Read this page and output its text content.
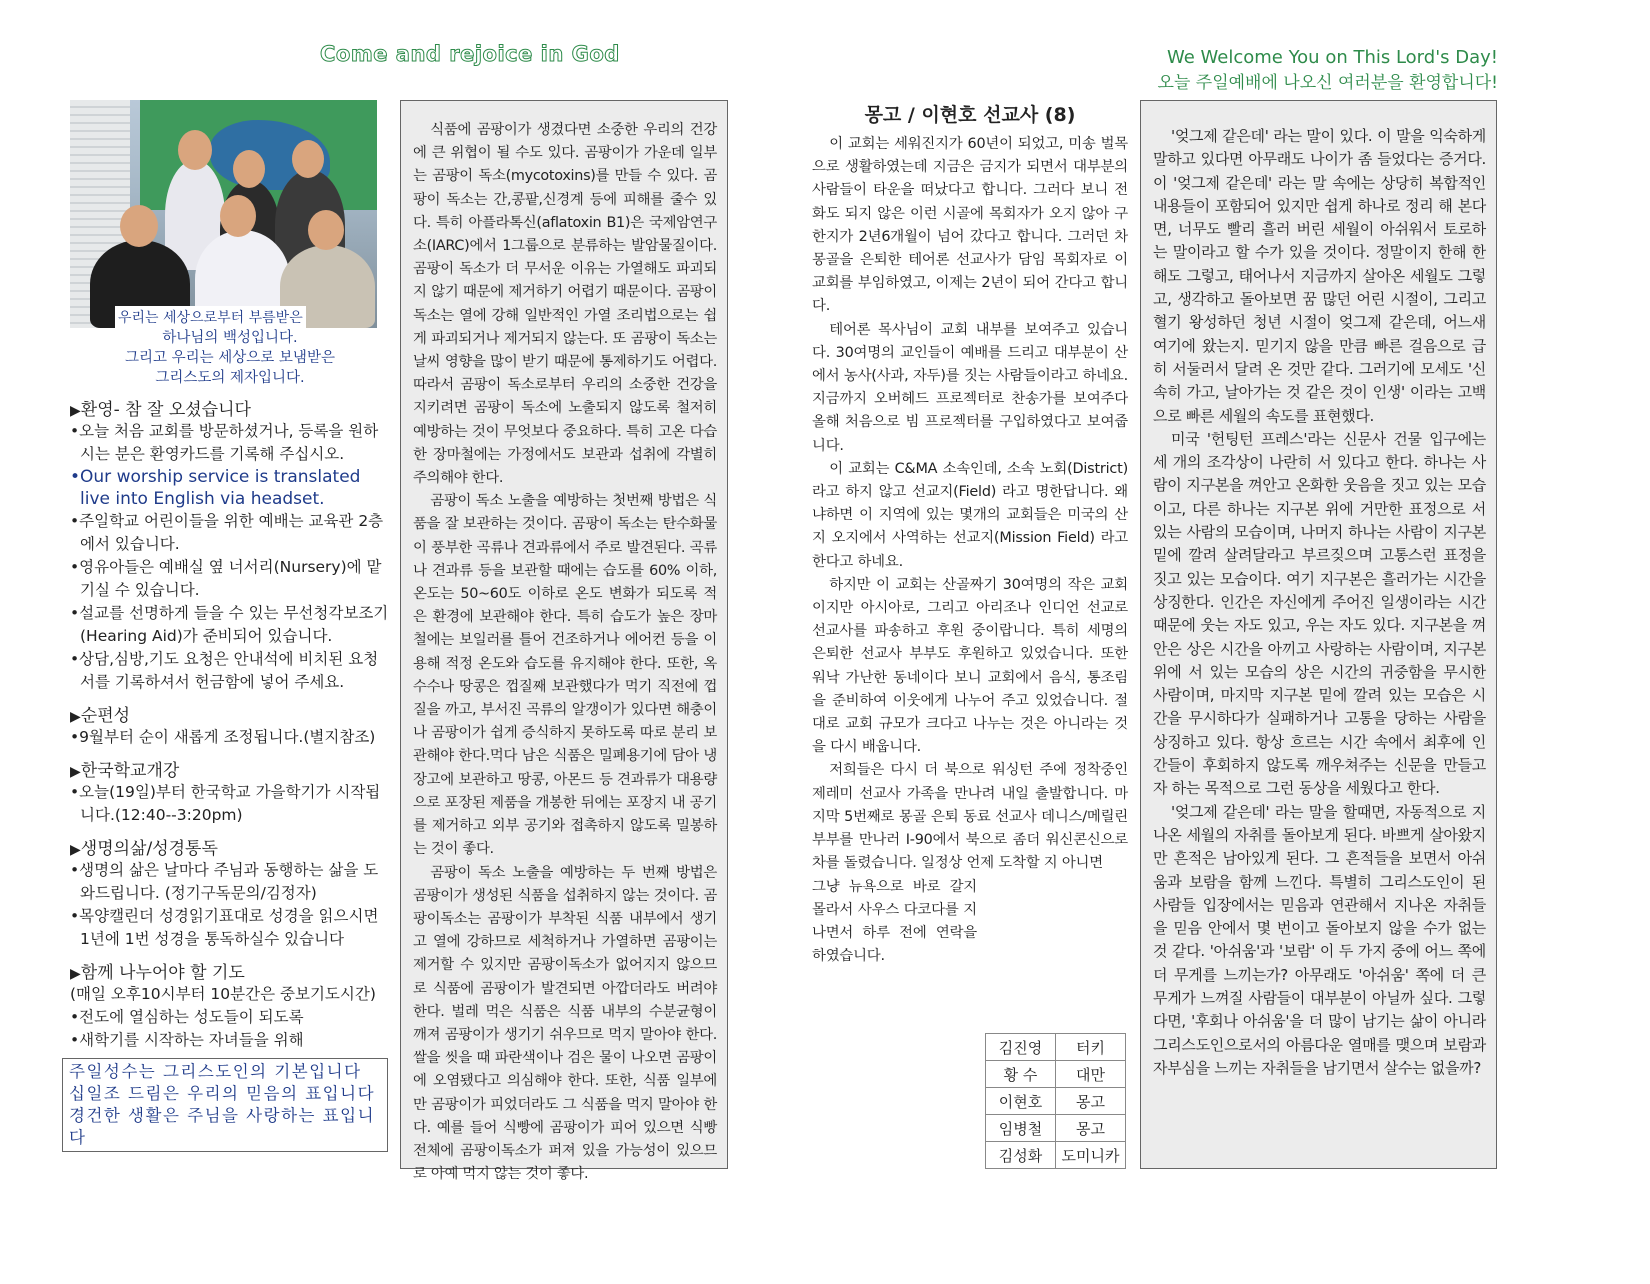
Come and rejoice in God	We Welcome You on This Lord's Day!
오늘 주일예배에 나오신 여러분을 환영합니다!
우리는 세상으로부터 부름받은
하나님의 백성입니다.
그리고 우리는 세상으로 보냄받은
그리스도의 제자입니다.
▶환영- 참 잘 오셨습니다
•오늘 처음 교회를 방문하셨거나, 등록을 원하시는 분은 환영카드를 기록해 주십시오.
•Our worship service is translated live into English via headset.
•주일학교 어린이들을 위한 예배는 교육관 2층에서 있습니다.
•영유아들은 예배실 옆 너서리(Nursery)에 맡기실 수 있습니다.
•설교를 선명하게 들을 수 있는 무선청각보조기(Hearing Aid)가 준비되어 있습니다.
•상담,심방,기도 요청은 안내석에 비치된 요청서를 기록하셔서 헌금함에 넣어 주세요.
▶순편성
•9월부터 순이 새롭게 조정됩니다.(별지참조)
▶한국학교개강
•오늘(19일)부터 한국학교 가을학기가 시작됩니다.(12:40--3:20pm)
▶생명의삶/성경통독
•생명의 삶은 날마다 주님과 동행하는 삶을 도와드립니다. (정기구독문의/김정자)
•목양캘린더 성경읽기표대로 성경을 읽으시면 1년에 1번 성경을 통독하실수 있습니다
▶함께 나누어야 할 기도
(매일 오후10시부터 10분간은 중보기도시간)
•전도에 열심하는 성도들이 되도록
•새학기를 시작하는 자녀들을 위해
주일성수는 그리스도인의 기본입니다
십일조 드림은 우리의 믿음의 표입니다
경건한 생활은 주님을 사랑하는 표입니다

식품에 곰팡이가 생겼다면 소중한 우리의 건강에 큰 위협이 될 수도 있다. 곰팡이가 가운데 일부는 곰팡이 독소(mycotoxins)를 만들 수 있다. 곰팡이 독소는 간,콩팥,신경계 등에 피해를 줄수 있다. 특히 아플라톡신(aflatoxin B1)은 국제암연구소(IARC)에서 1그룹으로 분류하는 발암물질이다. 곰팡이 독소가 더 무서운 이유는 가열해도 파괴되지 않기 때문에 제거하기 어렵기 때문이다. 곰팡이 독소는 열에 강해 일반적인 가열 조리법으로는 쉽게 파괴되거나 제거되지 않는다. 또 곰팡이 독소는 날씨 영향을 많이 받기 때문에 통제하기도 어렵다. 따라서 곰팡이 독소로부터 우리의 소중한 건강을 지키려면 곰팡이 독소에 노출되지 않도록 철저히 예방하는 것이 무엇보다 중요하다. 특히 고온 다습한 장마철에는 가정에서도 보관과 섭취에 각별히 주의해야 한다.

곰팡이 독소 노출을 예방하는 첫번째 방법은 식품을 잘 보관하는 것이다. 곰팡이 독소는 탄수화물이 풍부한 곡류나 견과류에서 주로 발견된다. 곡류나 견과류 등을 보관할 때에는 습도를 60% 이하, 온도는 50~60도 이하로 온도 변화가 되도록 적은 환경에 보관해야 한다. 특히 습도가 높은 장마철에는 보일러를 틀어 건조하거나 에어컨 등을 이용해 적정 온도와 습도를 유지해야 한다. 또한, 옥수수나 땅콩은 껍질째 보관했다가 먹기 직전에 껍질을 까고, 부서진 곡류의 알갱이가 있다면 해충이나 곰팡이가 쉽게 증식하지 못하도록 따로 분리 보관해야 한다.먹다 남은 식품은 밀폐용기에 담아 냉장고에 보관하고 땅콩, 아몬드 등 견과류가 대용량으로 포장된 제품을 개봉한 뒤에는 포장지 내 공기를 제거하고 외부 공기와 접촉하지 않도록 밀봉하는 것이 좋다.

곰팡이 독소 노출을 예방하는 두 번째 방법은 곰팡이가 생성된 식품을 섭취하지 않는 것이다. 곰팡이독소는 곰팡이가 부착된 식품 내부에서 생기고 열에 강하므로 세척하거나 가열하면 곰팡이는 제거할 수 있지만 곰팡이독소가 없어지지 않으므로 식품에 곰팡이가 발견되면 아깝더라도 버려야 한다. 벌레 먹은 식품은 식품 내부의 수분균형이 깨져 곰팡이가 생기기 쉬우므로 먹지 말아야 한다. 쌀을 씻을 때 파란색이나 검은 물이 나오면 곰팡이에 오염됐다고 의심해야 한다. 또한, 식품 일부에만 곰팡이가 피었더라도 그 식품을 먹지 말아야 한다. 예를 들어 식빵에 곰팡이가 피어 있으면 식빵 전체에 곰팡이독소가 퍼져 있을 가능성이 있으므로 아예 먹지 않는 것이 좋다.

몽고 / 이현호 선교사 (8)

이 교회는 세워진지가 60년이 되었고, 미송 벌목으로 생활하였는데 지금은 금지가 되면서 대부분의 사람들이 타운을 떠났다고 합니다. 그러다 보니 전화도 되지 않은 이런 시골에 목회자가 오지 않아 구한지가 2년6개월이 넘어 갔다고 합니다. 그러던 차 몽골을 은퇴한 테어론 선교사가 담임 목회자로 이 교회를 부임하였고, 이제는 2년이 되어 간다고 합니다.

테어론 목사님이 교회 내부를 보여주고 있습니다. 30여명의 교인들이 예배를 드리고 대부분이 산에서 농사(사과, 자두)를 짓는 사람들이라고 하네요. 지금까지 오버헤드 프로젝터로 찬송가를 보여주다 올해 처음으로 빔 프로젝터를 구입하였다고 보여줍니다.

이 교회는 C&MA 소속인데, 소속 노회(District)라고 하지 않고 선교지(Field) 라고 명한답니다. 왜냐하면 이 지역에 있는 몇개의 교회들은 미국의 산지 오지에서 사역하는 선교지(Mission Field) 라고 한다고 하네요.

하지만 이 교회는 산골짜기 30여명의 작은 교회이지만 아시아로, 그리고 아리조나 인디언 선교로 선교사를 파송하고 후원 중이랍니다. 특히 세명의 은퇴한 선교사 부부도 후원하고 있었습니다. 또한 워낙 가난한 동네이다 보니 교회에서 음식, 통조림을 준비하여 이웃에게 나누어 주고 있었습니다. 절대로 교회 규모가 크다고 나누는 것은 아니라는 것을 다시 배웁니다.

저희들은 다시 더 북으로 워싱턴 주에 정착중인 제레미 선교사 가족을 만나려 내일 출발합니다. 마지막 5번째로 몽골 은퇴 동료 선교사 데니스/메릴린 부부를 만나러 I-90에서 북으로 좀더 워신콘신으로 차를 돌렸습니다. 일정상 언제 도착할 지 아니면

그냥 뉴욕으로 바로 갈지 몰라서 사우스 다코다를 지나면서 하루 전에 연락을 하였습니다.

김진영	터키
황 수	대만
이현호	몽고
임병철	몽고
김성화	도미니카

'엊그제 같은데' 라는 말이 있다. 이 말을 익숙하게 말하고 있다면 아무래도 나이가 좀 들었다는 증거다. 이 '엊그제 같은데' 라는 말 속에는 상당히 복합적인 내용들이 포함되어 있지만 쉽게 하나로 정리 해 본다면, 너무도 빨리 흘러 버린 세월이 아쉬워서 토로하는 말이라고 할 수가 있을 것이다. 정말이지 한해 한해도 그렇고, 태어나서 지금까지 살아온 세월도 그렇고, 생각하고 돌아보면 꿈 많던 어린 시절이, 그리고 혈기 왕성하던 청년 시절이 엊그제 같은데, 어느새 여기에 왔는지. 믿기지 않을 만큼 빠른 걸음으로 급히 서둘러서 달려 온 것만 같다. 그러기에 모세도 '신속히 가고, 날아가는 것 같은 것이 인생' 이라는 고백으로 빠른 세월의 속도를 표현했다.

미국 '헌팅턴 프레스'라는 신문사 건물 입구에는 세 개의 조각상이 나란히 서 있다고 한다. 하나는 사람이 지구본을 껴안고 온화한 웃음을 짓고 있는 모습이고, 다른 하나는 지구본 위에 거만한 표정으로 서 있는 사람의 모습이며, 나머지 하나는 사람이 지구본 밑에 깔려 살려달라고 부르짖으며 고통스런 표정을 짓고 있는 모습이다. 여기 지구본은 흘러가는 시간을 상징한다. 인간은 자신에게 주어진 일생이라는 시간 때문에 웃는 자도 있고, 우는 자도 있다. 지구본을 껴안은 상은 시간을 아끼고 사랑하는 사람이며, 지구본 위에 서 있는 모습의 상은 시간의 귀중함을 무시한 사람이며, 마지막 지구본 밑에 깔려 있는 모습은 시간을 무시하다가 실패하거나 고통을 당하는 사람을 상징하고 있다. 항상 흐르는 시간 속에서 최후에 인간들이 후회하지 않도록 깨우쳐주는 신문을 만들고자 하는 목적으로 그런 동상을 세웠다고 한다.

'엊그제 같은데' 라는 말을 할때면, 자동적으로 지나온 세월의 자취를 돌아보게 된다. 바쁘게 살아왔지만 흔적은 남아있게 된다. 그 흔적들을 보면서 아쉬움과 보람을 함께 느낀다. 특별히 그리스도인이 된 사람들 입장에서는 믿음과 연관해서 지나온 자취들을 믿음 안에서 몇 번이고 돌아보지 않을 수가 없는 것 같다. '아쉬움'과 '보람' 이 두 가지 중에 어느 쪽에 더 무게를 느끼는가? 아무래도 '아쉬움' 쪽에 더 큰 무게가 느껴질 사람들이 대부분이 아닐까 싶다. 그렇다면, '후회나 아쉬움'을 더 많이 남기는 삶이 아니라 그리스도인으로서의 아름다운 열매를 맺으며 보람과 자부심을 느끼는 자취들을 남기면서 살수는 없을까?
